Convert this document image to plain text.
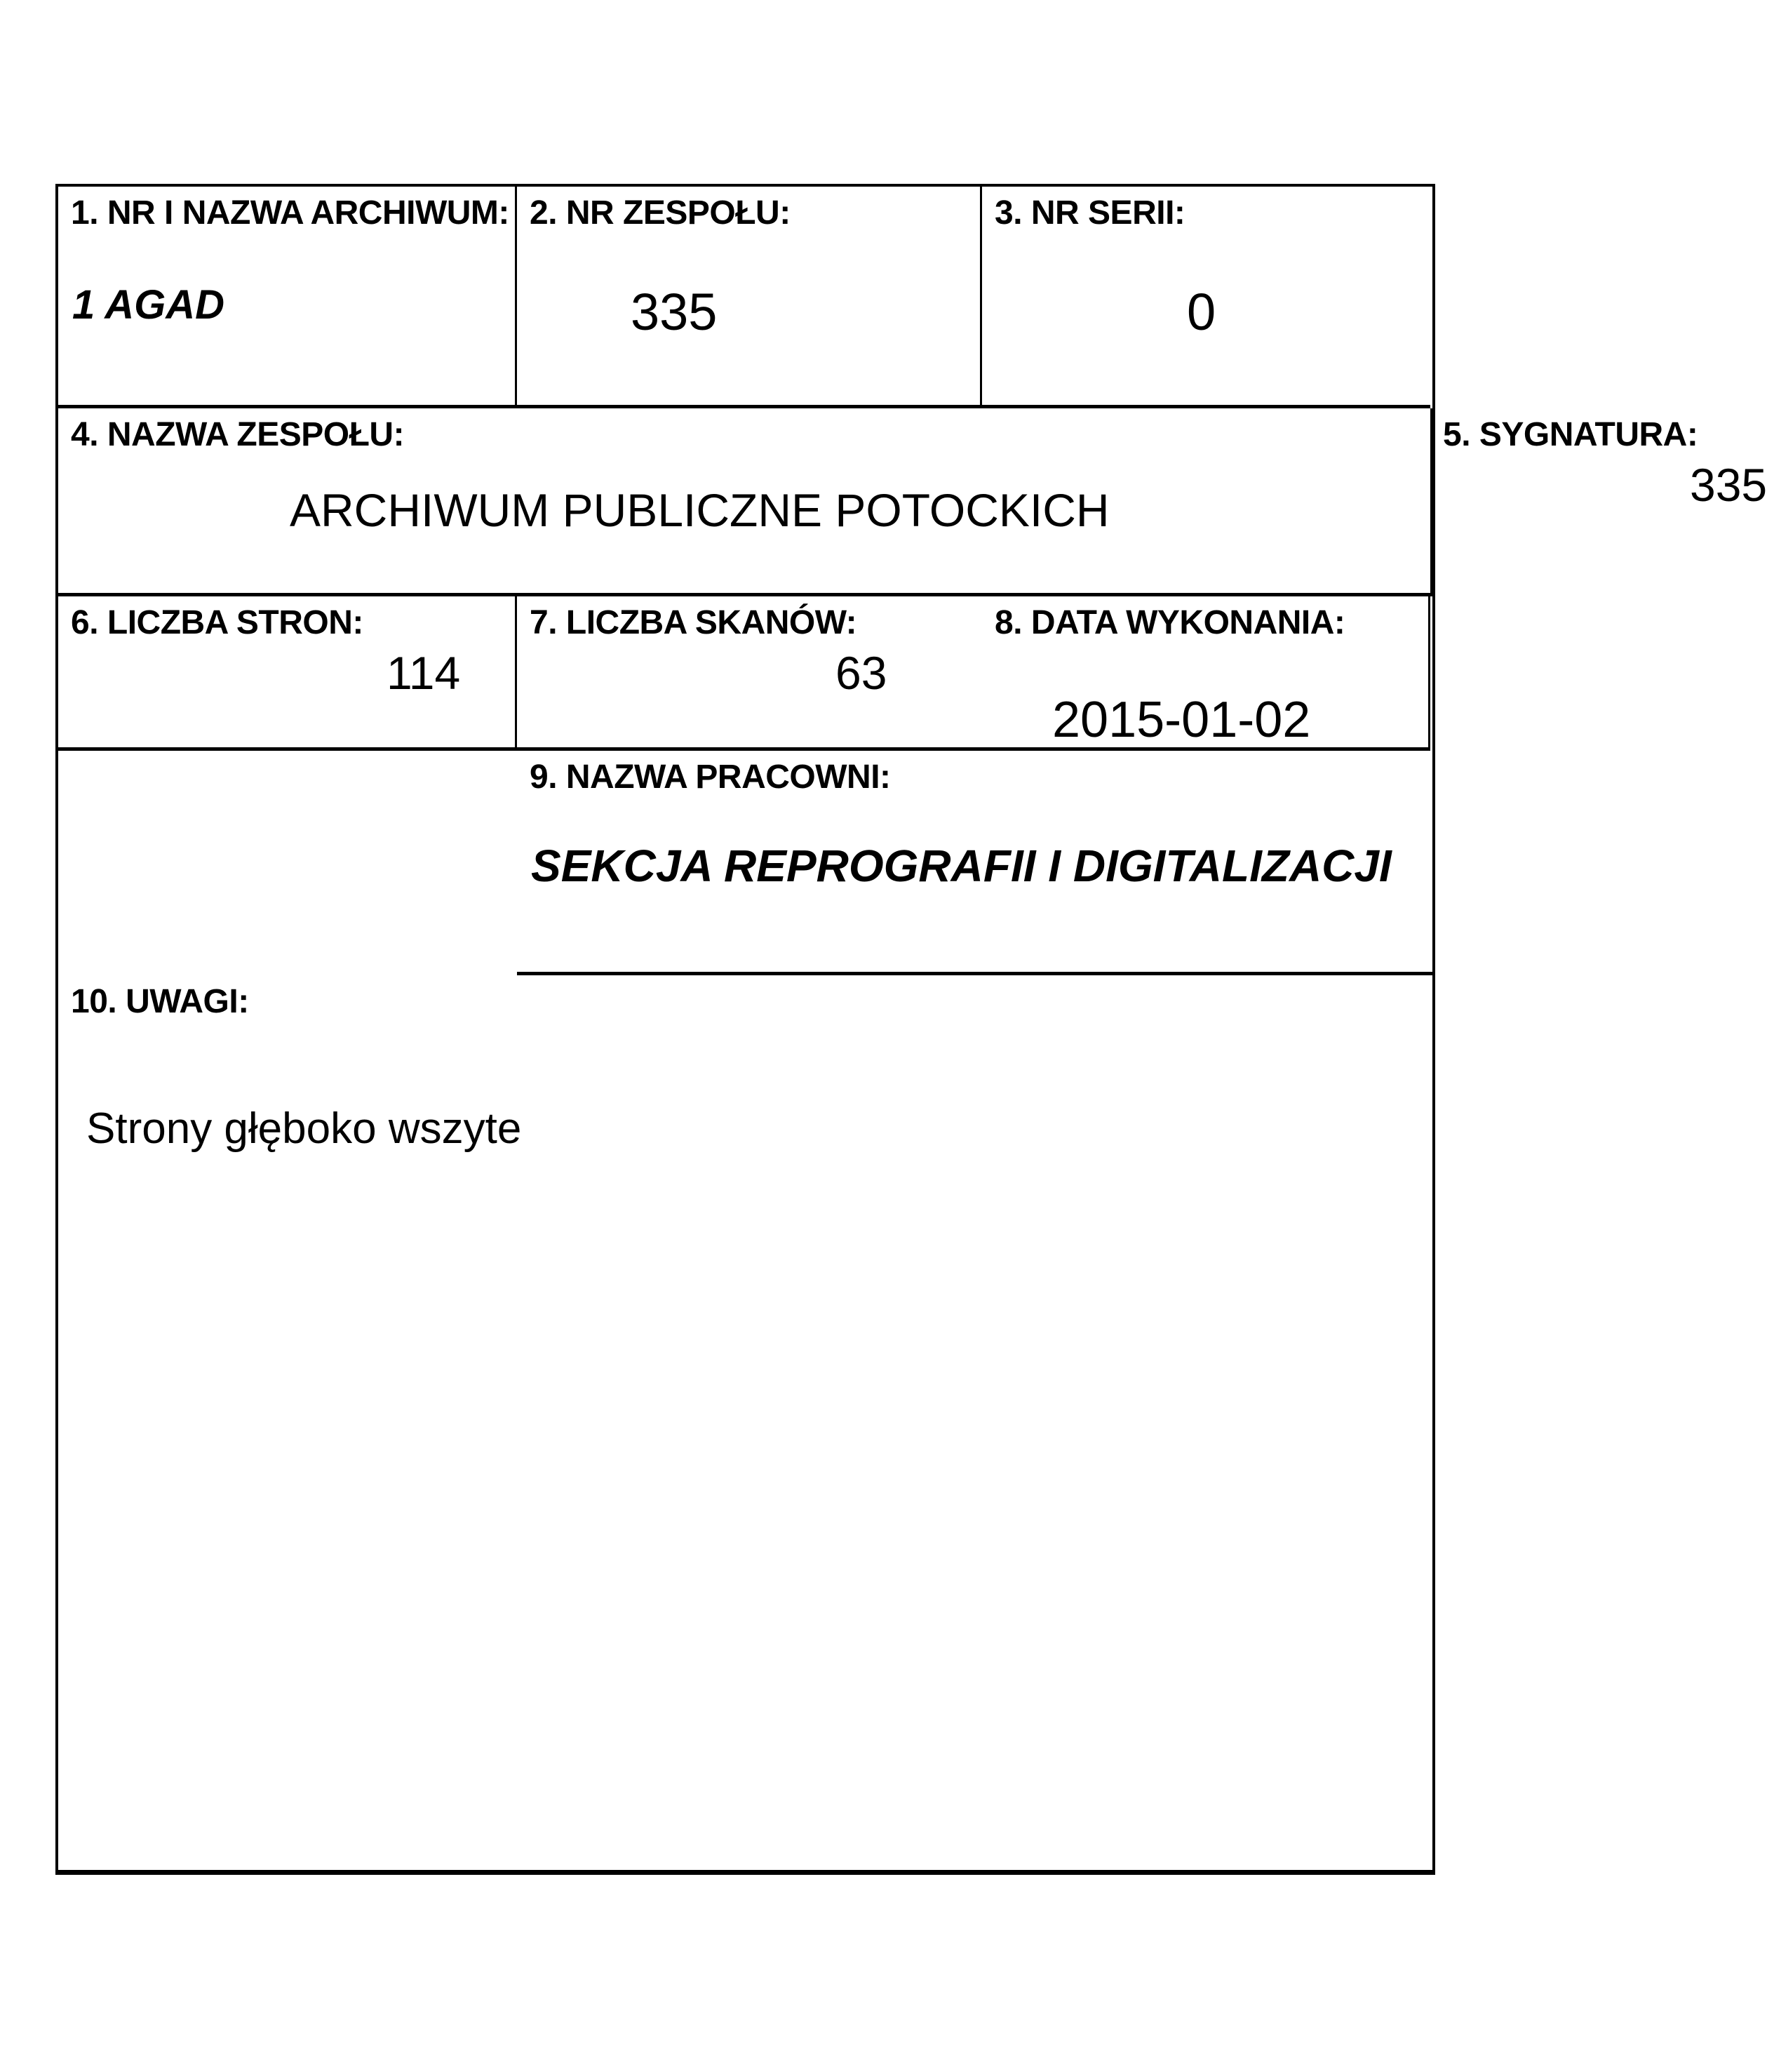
1. NR I NAZWA ARCHIWUM:
1 AGAD
2. NR ZESPOŁU:
335
3. NR SERII:
0
4. NAZWA ZESPOŁU:
ARCHIWUM PUBLICZNE POTOCKICH
5. SYGNATURA:
335
6. LICZBA STRON:
114
7. LICZBA SKANÓW:
63
8. DATA WYKONANIA:
2015-01-02
9. NAZWA PRACOWNI:
SEKCJA REPROGRAFII I DIGITALIZACJI
10. UWAGI:
Strony głęboko wszyte
